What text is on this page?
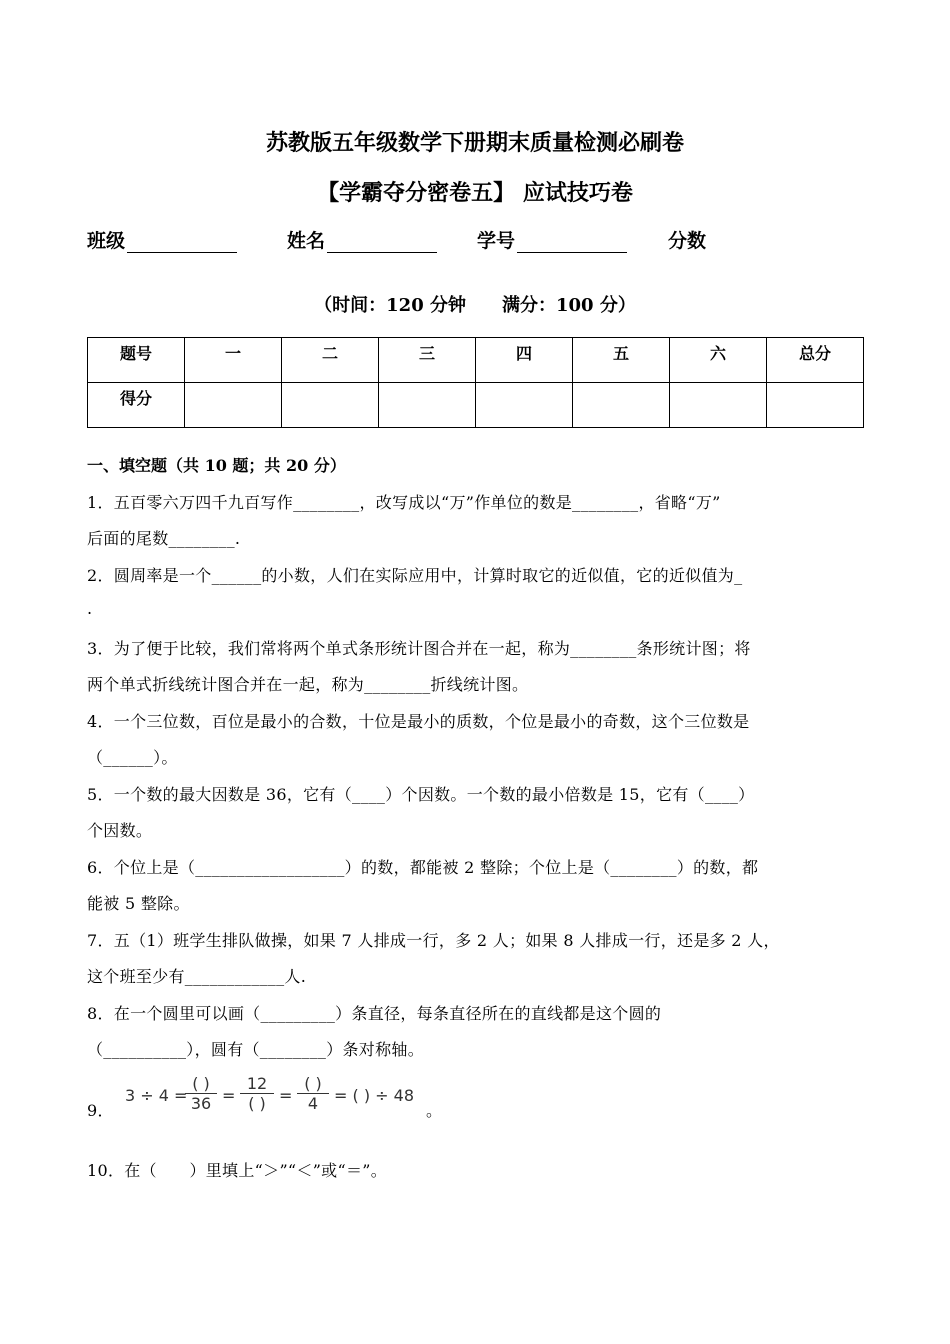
苏教版五年级数学下册期末质量检测必刷卷
【学霸夺分密卷五】 应试技巧卷
班级	姓名	学号	分数
（时间：120 分钟　　满分：100 分）
题号	一	二	三	四	五	六	总分
得分							
一、填空题（共 10 题；共 20 分）
1．五百零六万四千九百写作________，改写成以“万”作单位的数是________，省略“万”
后面的尾数________.
2．圆周率是一个______的小数，人们在实际应用中，计算时取它的近似值，它的近似值为_
.
3．为了便于比较，我们常将两个单式条形统计图合并在一起，称为________条形统计图；将
两个单式折线统计图合并在一起，称为________折线统计图。
4．一个三位数，百位是最小的合数，十位是最小的质数，个位是最小的奇数，这个三位数是
（______）。
5．一个数的最大因数是 36，它有（____）个因数。一个数的最小倍数是 15，它有（____）
个因数。
6．个位上是（__________________）的数，都能被 2 整除；个位上是（________）的数，都
能被 5 整除。
7．五（1）班学生排队做操，如果 7 人排成一行，多 2 人；如果 8 人排成一行，还是多 2 人，
这个班至少有____________人.
8．在一个圆里可以画（_________）条直径，每条直径所在的直线都是这个圆的
（__________），圆有（________）条对称轴。
9．
3 ÷ 4 =
( )
36 =
12
( ) =
( )
4 = ( ) ÷ 48
。
10．在（　　）里填上“＞”“＜”或“＝”。
